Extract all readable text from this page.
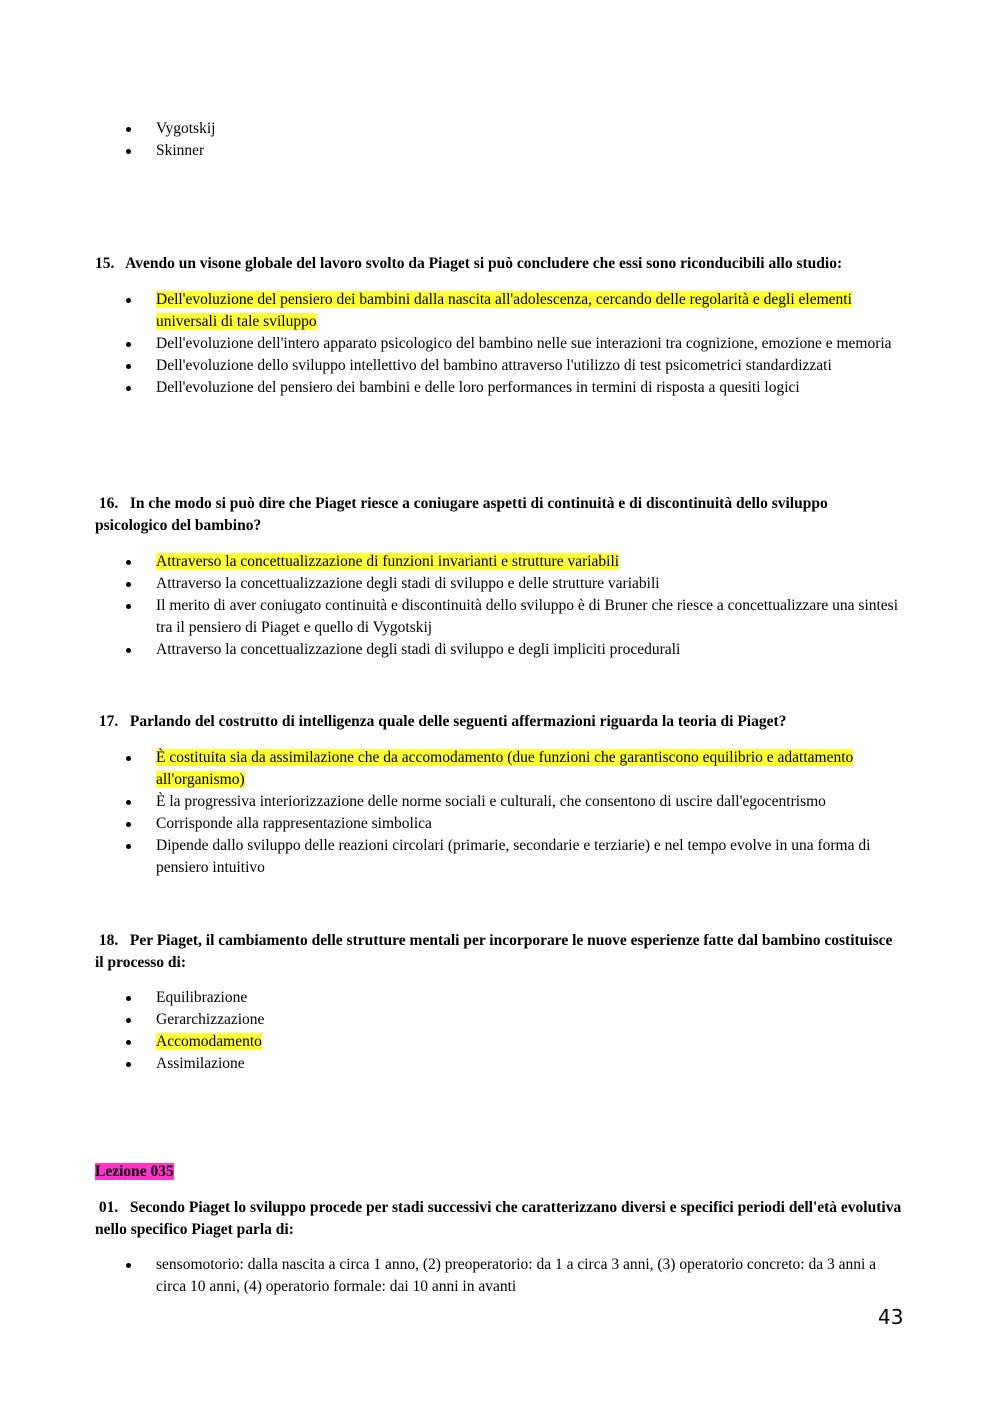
Vygotskij
Skinner

15. Avendo un visone globale del lavoro svolto da Piaget si può concludere che essi sono riconducibili allo studio:

Dell'evoluzione del pensiero dei bambini dalla nascita all'adolescenza, cercando delle regolarità e degli elementi universali di tale sviluppo
Dell'evoluzione dell'intero apparato psicologico del bambino nelle sue interazioni tra cognizione, emozione e memoria
Dell'evoluzione dello sviluppo intellettivo del bambino attraverso l'utilizzo di test psicometrici standardizzati
Dell'evoluzione del pensiero dei bambini e delle loro performances in termini di risposta a quesiti logici

16. In che modo si può dire che Piaget riesce a coniugare aspetti di continuità e di discontinuità dello sviluppo psicologico del bambino?

Attraverso la concettualizzazione di funzioni invarianti e strutture variabili
Attraverso la concettualizzazione degli stadi di sviluppo e delle strutture variabili
Il merito di aver coniugato continuità e discontinuità dello sviluppo è di Bruner che riesce a concettualizzare una sintesi tra il pensiero di Piaget e quello di Vygotskij
Attraverso la concettualizzazione degli stadi di sviluppo e degli impliciti procedurali

17. Parlando del costrutto di intelligenza quale delle seguenti affermazioni riguarda la teoria di Piaget?

È costituita sia da assimilazione che da accomodamento (due funzioni che garantiscono equilibrio e adattamento all'organismo)
È la progressiva interiorizzazione delle norme sociali e culturali, che consentono di uscire dall'egocentrismo
Corrisponde alla rappresentazione simbolica
Dipende dallo sviluppo delle reazioni circolari (primarie, secondarie e terziarie) e nel tempo evolve in una forma di pensiero intuitivo

18. Per Piaget, il cambiamento delle strutture mentali per incorporare le nuove esperienze fatte dal bambino costituisce il processo di:

Equilibrazione
Gerarchizzazione
Accomodamento
Assimilazione

Lezione 035

01. Secondo Piaget lo sviluppo procede per stadi successivi che caratterizzano diversi e specifici periodi dell'età evolutiva nello specifico Piaget parla di:

sensomotorio: dalla nascita a circa 1 anno, (2) preoperatorio: da 1 a circa 3 anni, (3) operatorio concreto: da 3 anni a circa 10 anni, (4) operatorio formale: dai 10 anni in avanti
43
